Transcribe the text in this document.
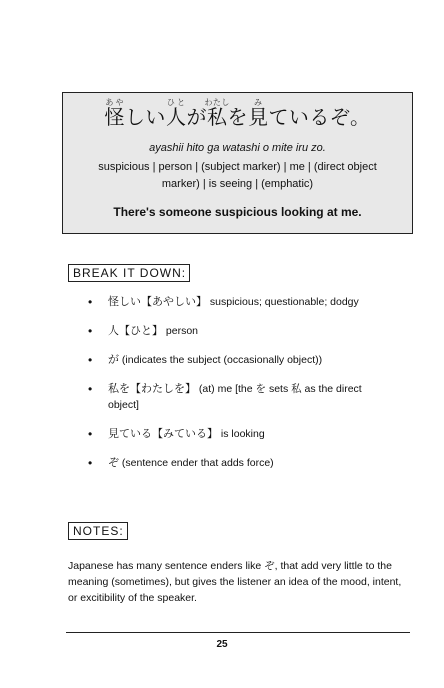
怪あやしい人ひとが私わたしを見みているぞ。
ayashii hito ga watashi o mite iru zo.
suspicious | person | (subject marker) | me | (direct object marker) | is seeing | (emphatic)
There's someone suspicious looking at me.
BREAK IT DOWN:
• 怪しい【あやしい】 suspicious; questionable; dodgy
• 人【ひと】 person
• が (indicates the subject (occasionally object))
• 私を【わたしを】 (at) me [the を sets 私 as the direct object]
• 見ている【みている】 is looking
• ぞ (sentence ender that adds force)
NOTES:
Japanese has many sentence enders like ぞ, that add very little to the meaning (sometimes), but gives the listener an idea of the mood, intent, or excitibility of the speaker.
25
